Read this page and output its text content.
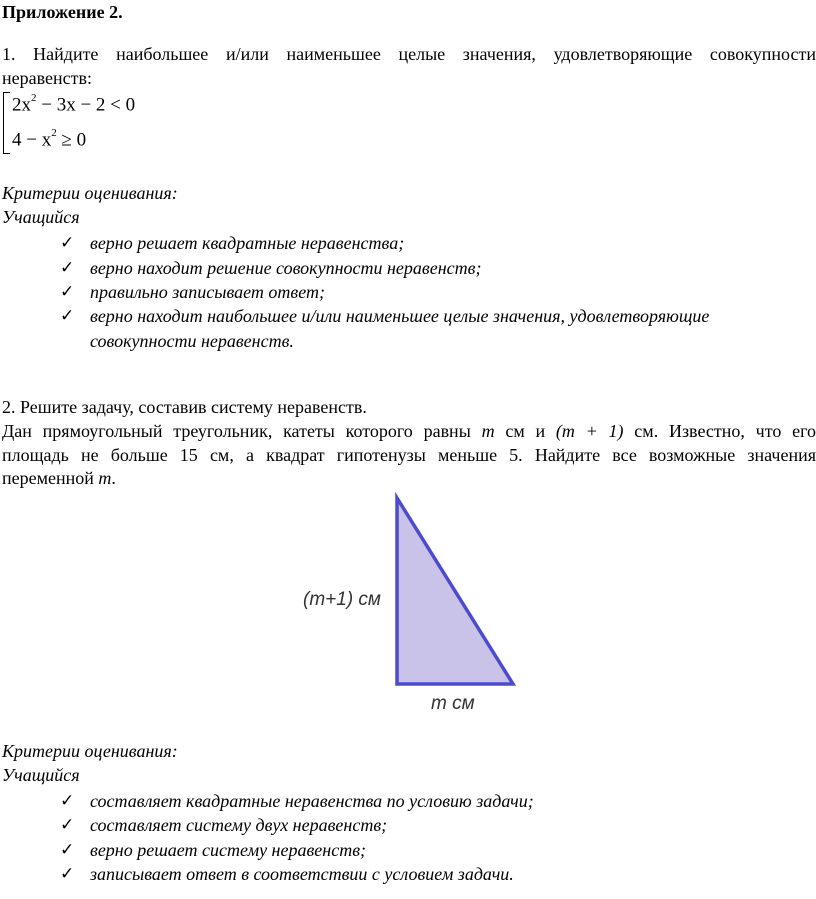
Приложение 2.
1. Найдите наибольшее и/или наименьшее целые значения, удовлетворяющие совокупности
неравенств:
$2x^2 - 3x - 2 < 0$
$4 - x^2 \ge 0$
Критерии оценивания:
Учащийся
✓ верно решает квадратные неравенства;
✓ верно находит решение совокупности неравенств;
✓ правильно записывает ответ;
✓ верно находит наибольшее и/или наименьшее целые значения, удовлетворяющие
совокупности неравенств.
2. Решите задачу, составив систему неравенств.
Дан прямоугольный треугольник, катеты которого равны m см и (m + 1) см. Известно, что его
площадь не больше 15 см, а квадрат гипотенузы меньше 5. Найдите все возможные значения
переменной m.
(m+1) см
m см
Критерии оценивания:
Учащийся
✓ составляет квадратные неравенства по условию задачи;
✓ составляет систему двух неравенств;
✓ верно решает систему неравенств;
✓ записывает ответ в соответствии с условием задачи.
